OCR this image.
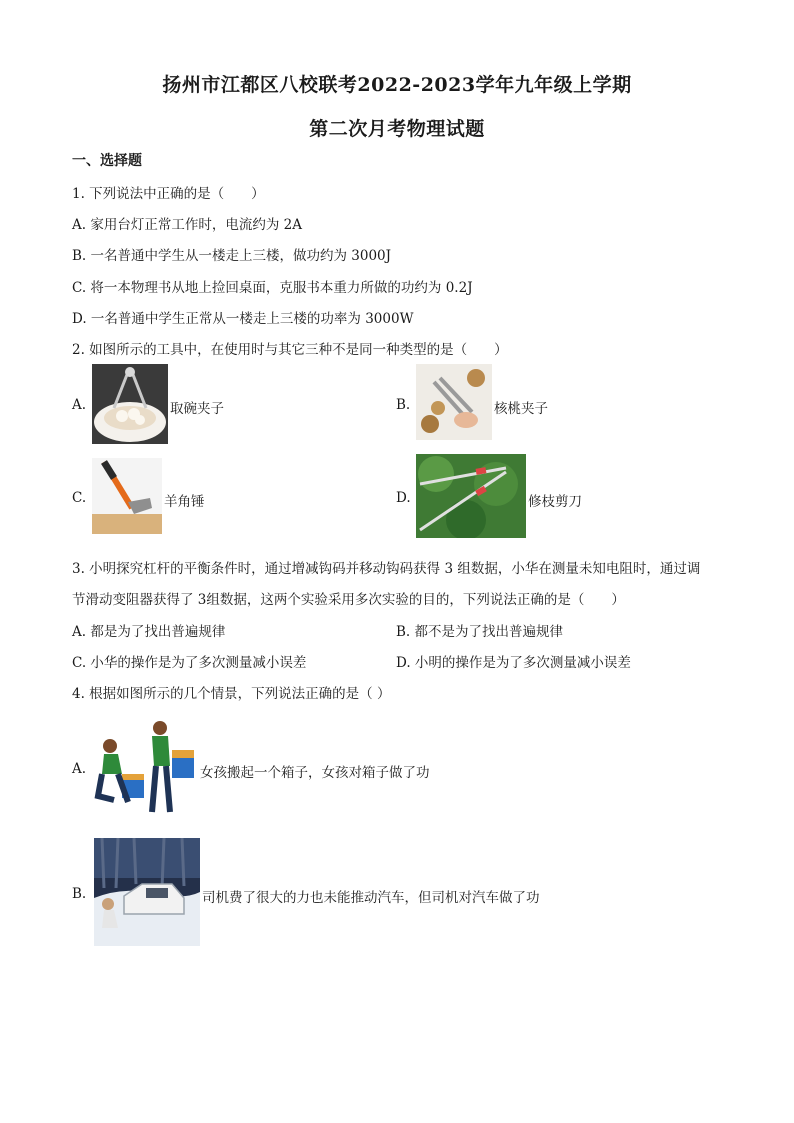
扬州市江都区八校联考2022-2023学年九年级上学期
第二次月考物理试题
一、选择题
1. 下列说法中正确的是（　　）
A. 家用台灯正常工作时，电流约为 2A
B. 一名普通中学生从一楼走上三楼，做功约为 3000J
C. 将一本物理书从地上捡回桌面，克服书本重力所做的功约为 0.2J
D. 一名普通中学生正常从一楼走上三楼的功率为 3000W
2. 如图所示的工具中，在使用时与其它三种不是同一种类型的是（　　）
A.	取碗夹子	B.	核桃夹子
C.	羊角锤	D.	修枝剪刀
3. 小明探究杠杆的平衡条件时，通过增减钩码并移动钩码获得 3 组数据，小华在测量未知电阻时，通过调
节滑动变阻器获得了 3组数据，这两个实验采用多次实验的目的，下列说法正确的是（　　）
A. 都是为了找出普遍规律	B. 都不是为了找出普遍规律
C. 小华的操作是为了多次测量减小误差	D. 小明的操作是为了多次测量减小误差
4. 根据如图所示的几个情景，下列说法正确的是（ ）
A.	女孩搬起一个箱子，女孩对箱子做了功
B.	司机费了很大的力也未能推动汽车，但司机对汽车做了功
